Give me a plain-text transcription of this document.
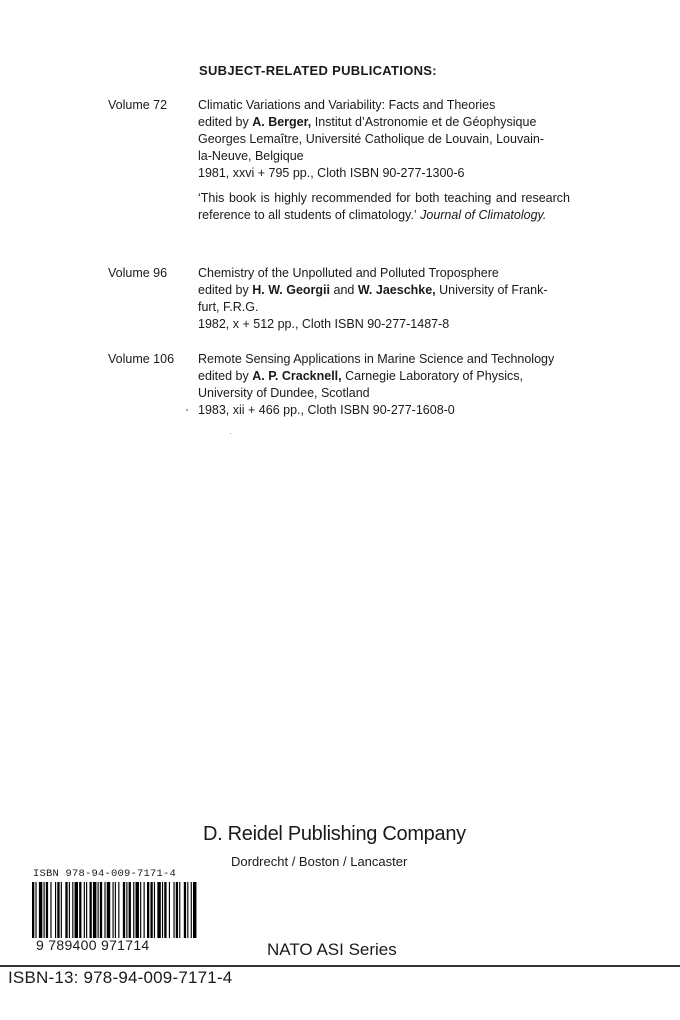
SUBJECT-RELATED PUBLICATIONS:
Volume 72 Climatic Variations and Variability: Facts and Theories
edited by A. Berger, Institut d’Astronomie et de Géophysique
Georges Lemaître, Université Catholique de Louvain, Louvain-
la-Neuve, Belgique
1981, xxvi + 795 pp., Cloth ISBN 90-277-1300-6
‘This book is highly recommended for both teaching and research reference to all students of climatology.’ Journal of Climatology.
Volume 96 Chemistry of the Unpolluted and Polluted Troposphere
edited by H. W. Georgii and W. Jaeschke, University of Frank-
furt, F.R.G.
1982, x + 512 pp., Cloth ISBN 90-277-1487-8
Volume 106 Remote Sensing Applications in Marine Science and Technology
edited by A. P. Cracknell, Carnegie Laboratory of Physics,
University of Dundee, Scotland
1983, xii + 466 pp., Cloth ISBN 90-277-1608-0
D. Reidel Publishing Company
Dordrecht / Boston / Lancaster
ISBN 978-94-009-7171-4
9 789400 971714	NATO ASI Series
ISBN-13: 978-94-009-7171-4
